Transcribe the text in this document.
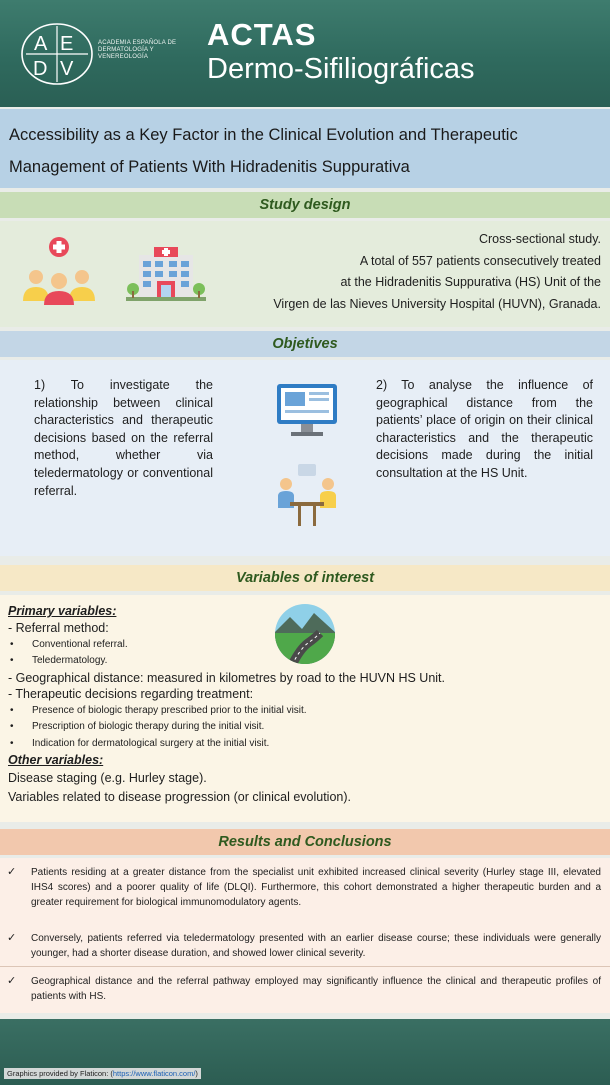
A E
D V
ACADEMIA ESPAÑOLA DE DERMATOLOGÍA Y VENEREOLOGÍA
ACTAS
Dermo-Sifiliográficas

Accessibility as a Key Factor in the Clinical Evolution and Therapeutic

Management of Patients With Hidradenitis Suppurativa

Study design
Cross-sectional study.
A total of 557 patients consecutively treated
at the Hidradenitis Suppurativa (HS) Unit of the
Virgen de las Nieves University Hospital (HUVN), Granada.
Objetives
1) To investigate the relationship between clinical characteristics and therapeutic decisions based on the referral method, whether via teledermatology or conventional referral.
2) To analyse the influence of geographical distance from the patients’ place of origin on their clinical characteristics and the therapeutic decisions made during the initial consultation at the HS Unit.
Variables of interest
Primary variables:
- Referral method:
• Conventional referral.
• Teledermatology.
- Geographical distance: measured in kilometres by road to the HUVN HS Unit.
- Therapeutic decisions regarding treatment:
• Presence of biologic therapy prescribed prior to the initial visit.
• Prescription of biologic therapy during the initial visit.
• Indication for dermatological surgery at the initial visit.
Other variables:
Disease staging (e.g. Hurley stage).
Variables related to disease progression (or clinical evolution).
Results and Conclusions
✓ Patients residing at a greater distance from the specialist unit exhibited increased clinical severity (Hurley stage III, elevated IHS4 scores) and a poorer quality of life (DLQI). Furthermore, this cohort demonstrated a higher therapeutic burden and a greater requirement for biological immunomodulatory agents.
✓ Conversely, patients referred via teledermatology presented with an earlier disease course; these individuals were generally younger, had a shorter disease duration, and showed lower clinical severity.
✓ Geographical distance and the referral pathway employed may significantly influence the clinical and therapeutic profiles of patients with HS.
Graphics provided by Flaticon: (https://www.flaticon.com/)
